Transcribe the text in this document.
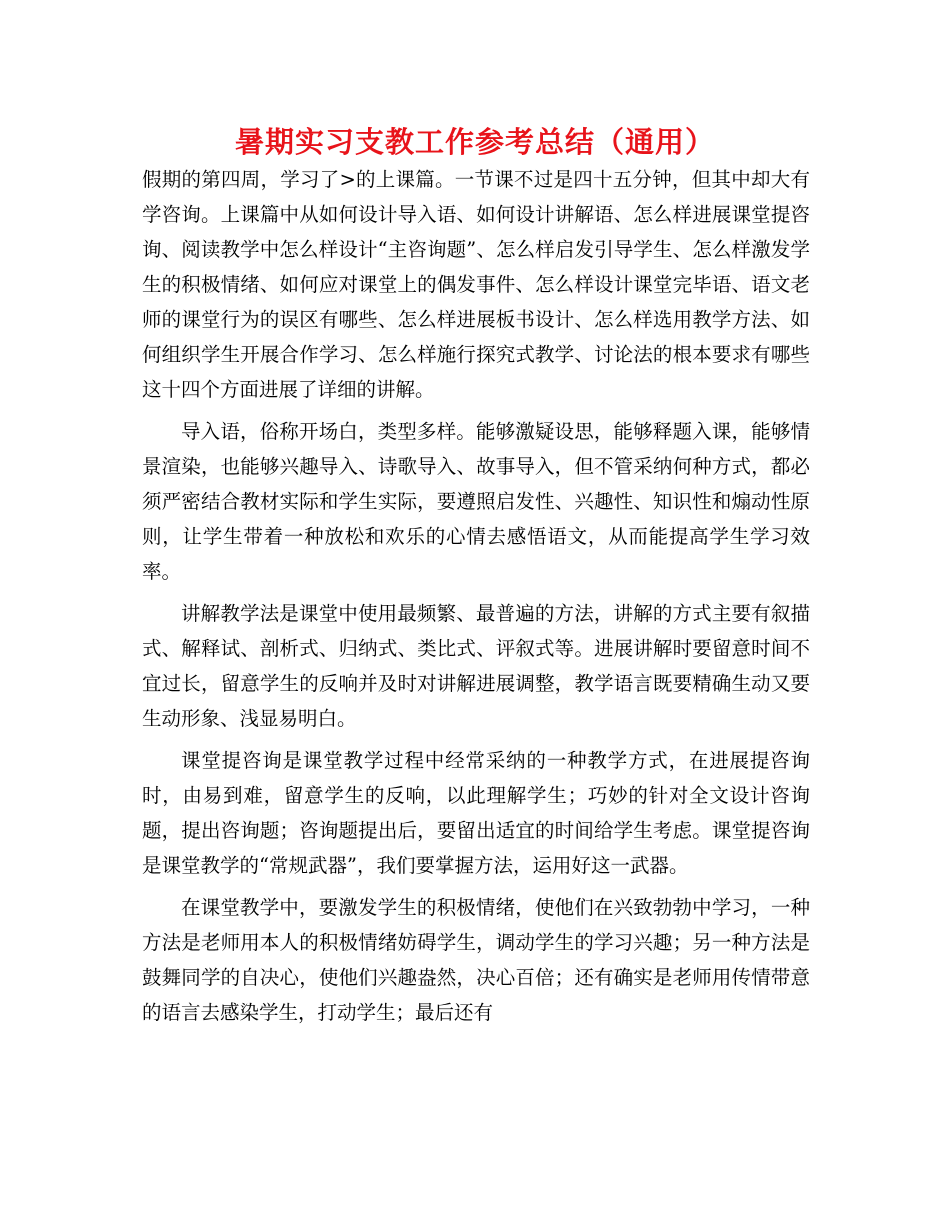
暑期实习支教工作参考总结（通用）

假期的第四周，学习了>的上课篇。一节课不过是四十五分钟，但其中却大有学咨询。上课篇中从如何设计导入语、如何设计讲解语、怎么样进展课堂提咨询、阅读教学中怎么样设计“主咨询题”、怎么样启发引导学生、怎么样激发学生的积极情绪、如何应对课堂上的偶发事件、怎么样设计课堂完毕语、语文老师的课堂行为的误区有哪些、怎么样进展板书设计、怎么样选用教学方法、如何组织学生开展合作学习、怎么样施行探究式教学、讨论法的根本要求有哪些这十四个方面进展了详细的讲解。

导入语，俗称开场白，类型多样。能够激疑设思，能够释题入课，能够情景渲染，也能够兴趣导入、诗歌导入、故事导入，但不管采纳何种方式，都必须严密结合教材实际和学生实际，要遵照启发性、兴趣性、知识性和煽动性原则，让学生带着一种放松和欢乐的心情去感悟语文，从而能提高学生学习效率。

讲解教学法是课堂中使用最频繁、最普遍的方法，讲解的方式主要有叙描式、解释试、剖析式、归纳式、类比式、评叙式等。进展讲解时要留意时间不宜过长，留意学生的反响并及时对讲解进展调整，教学语言既要精确生动又要生动形象、浅显易明白。

课堂提咨询是课堂教学过程中经常采纳的一种教学方式，在进展提咨询时，由易到难，留意学生的反响，以此理解学生；巧妙的针对全文设计咨询题，提出咨询题；咨询题提出后，要留出适宜的时间给学生考虑。课堂提咨询是课堂教学的“常规武器”，我们要掌握方法，运用好这一武器。

在课堂教学中，要激发学生的积极情绪，使他们在兴致勃勃中学习，一种方法是老师用本人的积极情绪妨碍学生，调动学生的学习兴趣；另一种方法是鼓舞同学的自决心，使他们兴趣盎然，决心百倍；还有确实是老师用传情带意的语言去感染学生，打动学生；最后还有
